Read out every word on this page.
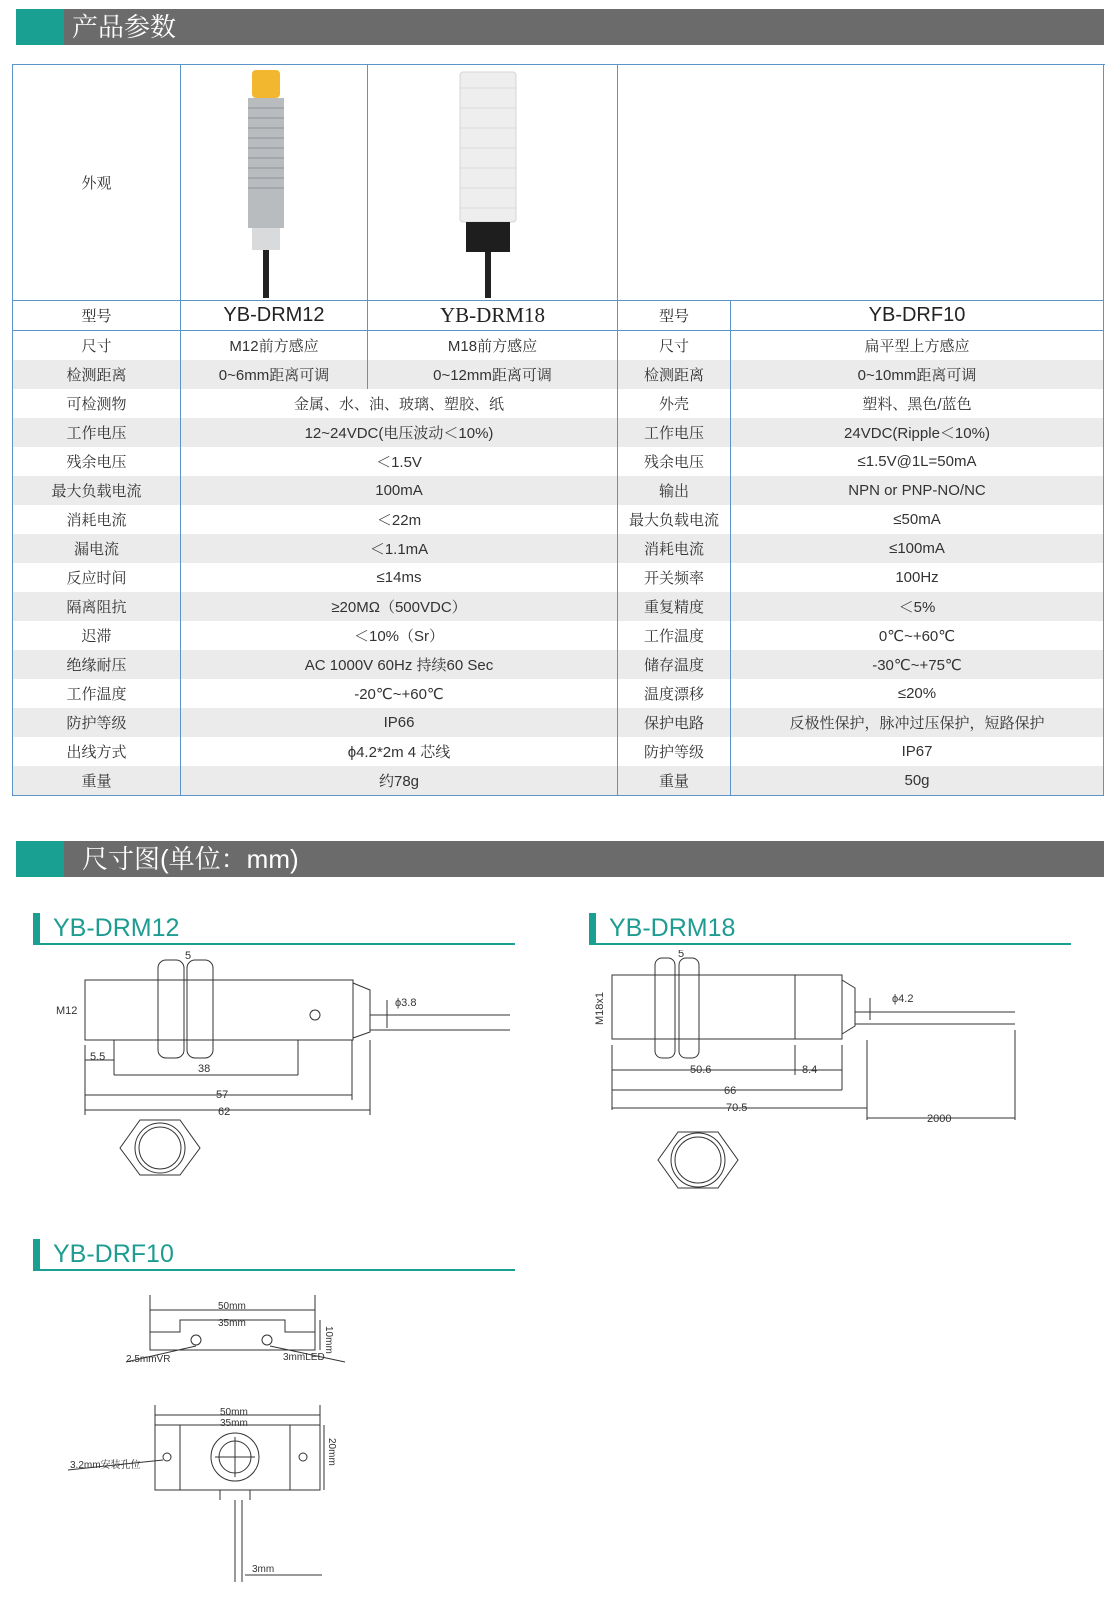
产品参数
外观	

型号	YB-DRM12	YB-DRM18	型号	YB-DRF10	
尺寸	M12前方感应	M18前方感应	尺寸	扁平型上方感应	
检测距离	0~6mm距离可调	0~12mm距离可调	检测距离	0~10mm距离可调	
可检测物	金属、水、油、玻璃、塑胶、纸		外壳	塑料、黑色/蓝色	
工作电压	12~24VDC(电压波动＜10%)		工作电压	24VDC(Ripple＜10%)	
残余电压	＜1.5V		残余电压	≤1.5V@1L=50mA	
最大负载电流	100mA		输出	NPN or PNP-NO/NC	
消耗电流	＜22m		最大负载电流	≤50mA	
漏电流	＜1.1mA		消耗电流	≤100mA	
反应时间	≤14ms		开关频率	100Hz	
隔离阻抗	≥20MΩ（500VDC）		重复精度	＜5%	
迟滞	＜10%（Sr）		工作温度	0℃~+60℃	
绝缘耐压	AC 1000V 60Hz 持续60 Sec		储存温度	-30℃~+75℃	
工作温度	-20℃~+60℃		温度漂移	≤20%	
防护等级	IP66		保护电路	反极性保护，脉冲过压保护，短路保护	
出线方式	ϕ4.2*2m 4 芯线		防护等级	IP67	
重量	约78g		重量	50g	
尺寸图(单位：mm)
YB-DRM12	YB-DRM18
YB-DRF10
5
M12
ϕ3.8
5.5
38
57
62
5
M18x1	ϕ4.2
50.6	8.4
66
70.5
2000
50mm
35mm
10mm
2.5mmVR	3mmLED
50mm
35mm
20mm
3.2mm安装孔位
3mm
